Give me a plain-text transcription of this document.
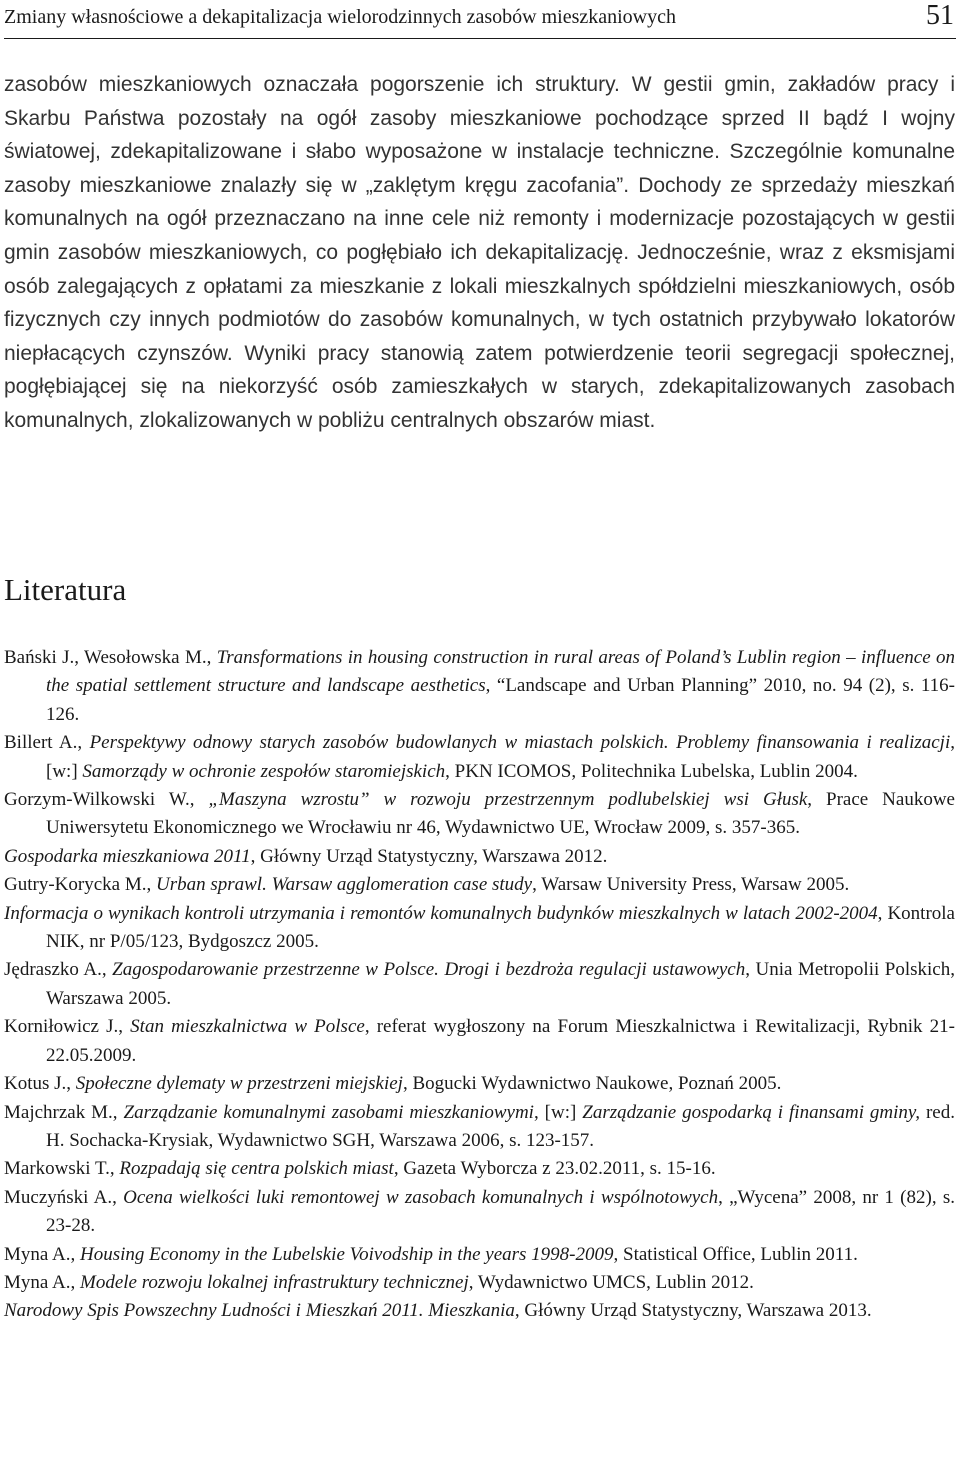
Zmiany własnościowe a dekapitalizacja wielorodzinnych zasobów mieszkaniowych	51

zasobów mieszkaniowych oznaczała pogorszenie ich struktury. W gestii gmin, zakładów pracy i Skarbu Państwa pozostały na ogół zasoby mieszkaniowe pochodzące sprzed II bądź I wojny światowej, zdekapitalizowane i słabo wyposażone w instalacje techniczne. Szczególnie komunalne zasoby mieszkaniowe znalazły się w „zaklętym kręgu zacofania”. Dochody ze sprzedaży mieszkań komunalnych na ogół przeznaczano na inne cele niż remonty i modernizacje pozostających w gestii gmin zasobów mieszkaniowych, co pogłębiało ich dekapitalizację. Jednocześnie, wraz z eksmisjami osób zalegających z opłatami za mieszkanie z lokali mieszkalnych spółdzielni mieszkaniowych, osób fizycznych czy innych podmiotów do zasobów komunalnych, w tych ostatnich przybywało lokatorów niepłacących czynszów. Wyniki pracy stanowią zatem potwierdzenie teorii segregacji społecznej, pogłębiającej się na niekorzyść osób zamieszkałych w starych, zdekapitalizowanych zasobach komunalnych, zlokalizowanych w pobliżu centralnych obszarów miast.

Literatura
Bański J., Wesołowska M., Transformations in housing construction in rural areas of Poland’s Lublin region – influence on the spatial settlement structure and landscape aesthetics, “Landscape and Urban Planning” 2010, no. 94 (2), s. 116-126.
Billert A., Perspektywy odnowy starych zasobów budowlanych w miastach polskich. Problemy finansowania i realizacji, [w:] Samorządy w ochronie zespołów staromiejskich, PKN ICOMOS, Politechnika Lubelska, Lublin 2004.
Gorzym-Wilkowski W., „Maszyna wzrostu” w rozwoju przestrzennym podlubelskiej wsi Głusk, Prace Naukowe Uniwersytetu Ekonomicznego we Wrocławiu nr 46, Wydawnictwo UE, Wrocław 2009, s. 357-365.
Gospodarka mieszkaniowa 2011, Główny Urząd Statystyczny, Warszawa 2012.
Gutry-Korycka M., Urban sprawl. Warsaw agglomeration case study, Warsaw University Press, Warsaw 2005.
Informacja o wynikach kontroli utrzymania i remontów komunalnych budynków mieszkalnych w latach 2002-2004, Kontrola NIK, nr P/05/123, Bydgoszcz 2005.
Jędraszko A., Zagospodarowanie przestrzenne w Polsce. Drogi i bezdroża regulacji ustawowych, Unia Metropolii Polskich, Warszawa 2005.
Korniłowicz J., Stan mieszkalnictwa w Polsce, referat wygłoszony na Forum Mieszkalnictwa i Rewitalizacji, Rybnik 21-22.05.2009.
Kotus J., Społeczne dylematy w przestrzeni miejskiej, Bogucki Wydawnictwo Naukowe, Poznań 2005.
Majchrzak M., Zarządzanie komunalnymi zasobami mieszkaniowymi, [w:] Zarządzanie gospodarką i finansami gminy, red. H. Sochacka-Krysiak, Wydawnictwo SGH, Warszawa 2006, s. 123-157.
Markowski T., Rozpadają się centra polskich miast, Gazeta Wyborcza z 23.02.2011, s. 15-16.
Muczyński A., Ocena wielkości luki remontowej w zasobach komunalnych i wspólnotowych, „Wycena” 2008, nr 1 (82), s. 23-28.
Myna A., Housing Economy in the Lubelskie Voivodship in the years 1998-2009, Statistical Office, Lublin 2011.
Myna A., Modele rozwoju lokalnej infrastruktury technicznej, Wydawnictwo UMCS, Lublin 2012.
Narodowy Spis Powszechny Ludności i Mieszkań 2011. Mieszkania, Główny Urząd Statystyczny, Warszawa 2013.
